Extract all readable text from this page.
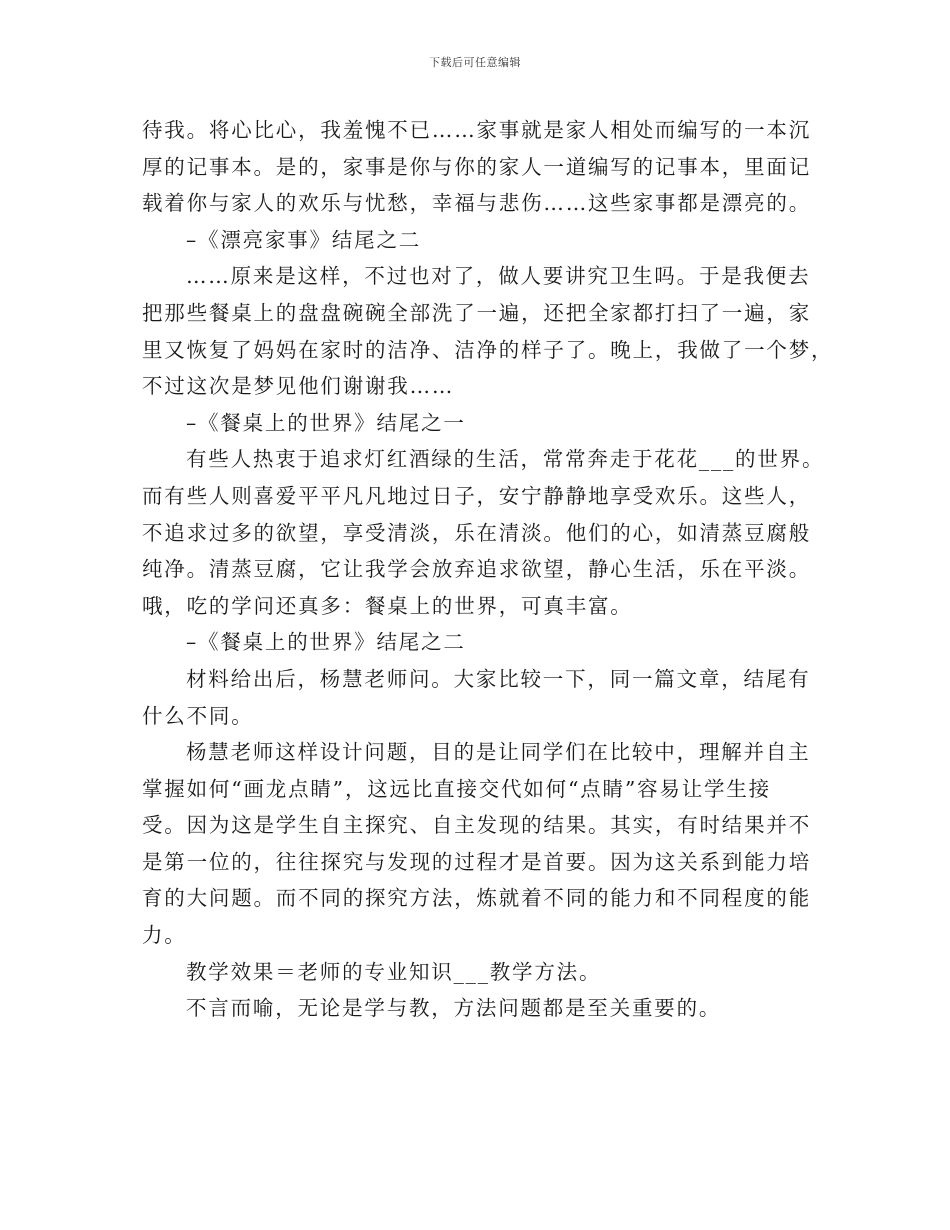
下载后可任意编辑
待我。将心比心，我羞愧不已……家事就是家人相处而编写的一本沉
厚的记事本。是的，家事是你与你的家人一道编写的记事本，里面记
载着你与家人的欢乐与忧愁，幸福与悲伤……这些家事都是漂亮的。
–《漂亮家事》结尾之二
……原来是这样，不过也对了，做人要讲究卫生吗。于是我便去
把那些餐桌上的盘盘碗碗全部洗了一遍，还把全家都打扫了一遍，家
里又恢复了妈妈在家时的洁净、洁净的样子了。晚上，我做了一个梦，
不过这次是梦见他们谢谢我……
–《餐桌上的世界》结尾之一
有些人热衷于追求灯红酒绿的生活，常常奔走于花花___的世界。
而有些人则喜爱平平凡凡地过日子，安宁静静地享受欢乐。这些人，
不追求过多的欲望，享受清淡，乐在清淡。他们的心，如清蒸豆腐般
纯净。清蒸豆腐，它让我学会放弃追求欲望，静心生活，乐在平淡。
哦，吃的学问还真多：餐桌上的世界，可真丰富。
–《餐桌上的世界》结尾之二
材料给出后，杨慧老师问。大家比较一下，同一篇文章，结尾有
什么不同。
杨慧老师这样设计问题，目的是让同学们在比较中，理解并自主
掌握如何“画龙点睛”，这远比直接交代如何“点睛”容易让学生接
受。因为这是学生自主探究、自主发现的结果。其实，有时结果并不
是第一位的，往往探究与发现的过程才是首要。因为这关系到能力培
育的大问题。而不同的探究方法，炼就着不同的能力和不同程度的能
力。
教学效果＝老师的专业知识___教学方法。
不言而喻，无论是学与教，方法问题都是至关重要的。
